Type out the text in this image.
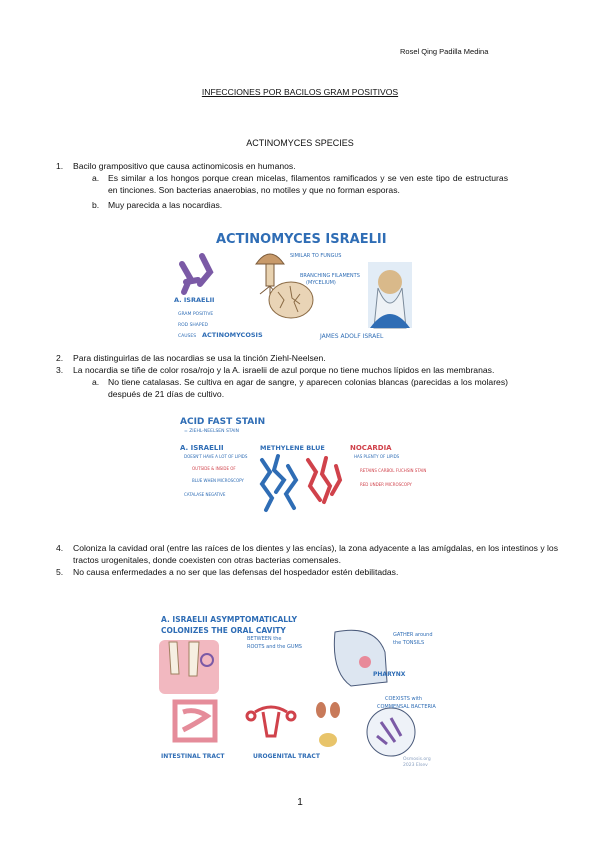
Rosel Qing Padilla Medina
INFECCIONES POR BACILOS GRAM POSITIVOS
ACTINOMYCES SPECIES
1.	Bacilo grampositivo que causa actinomicosis en humanos.
a.	Es similar a los hongos porque crean micelas, filamentos ramificados y se ven este tipo de estructuras en tinciones. Son bacterias anaerobias, no motiles y que no forman esporas.
b.	Muy parecida a las nocardias.
ACTINOMYCES ISRAELII
SIMILAR TO FUNGUS
BRANCHING FILAMENTS
(MYCELIUM)
A. ISRAELII
GRAM POSITIVE
ROD SHAPED
CAUSES ACTINOMYCOSIS	JAMES ADOLF ISRAEL
2.	Para distinguirlas de las nocardias se usa la tinción Ziehl-Neelsen.
3.	La nocardia se tiñe de color rosa/rojo y la A. israelii de azul porque no tiene muchos lípidos en las membranas.
a.	No tiene catalasas. Se cultiva en agar de sangre, y aparecen colonias blancas (parecidas a los molares) después de 21 días de cultivo.
ACID FAST STAIN
= ZIEHL-NEELSEN STAIN
A. ISRAELII
DOESN'T HAVE A LOT OF LIPIDS
OUTSIDE & INSIDE OF
BLUE WHEN MICROSCOPY
CATALASE NEGATIVE
METHYLENE BLUE	NOCARDIA
HAS PLENTY OF LIPIDS
RETAINS CARBOL FUCHSIN STAIN
RED UNDER MICROSCOPY
4.	Coloniza la cavidad oral (entre las raíces de los dientes y las encías), la zona adyacente a las amígdalas, en los intestinos y los tractos urogenitales, donde coexisten con otras bacterias comensales.
5.	No causa enfermedades a no ser que las defensas del hospedador estén debilitadas.
A. ISRAELII ASYMPTOMATICALLY
COLONIZES THE ORAL CAVITY
BETWEEN the
ROOTS and the GUMS
GATHER around
the TONSILS
PHARYNX
INTESTINAL TRACT	UROGENITAL TRACT
COEXISTS with
COMMENSAL BACTERIA
Osmosis.org
2023 Elsev
1
